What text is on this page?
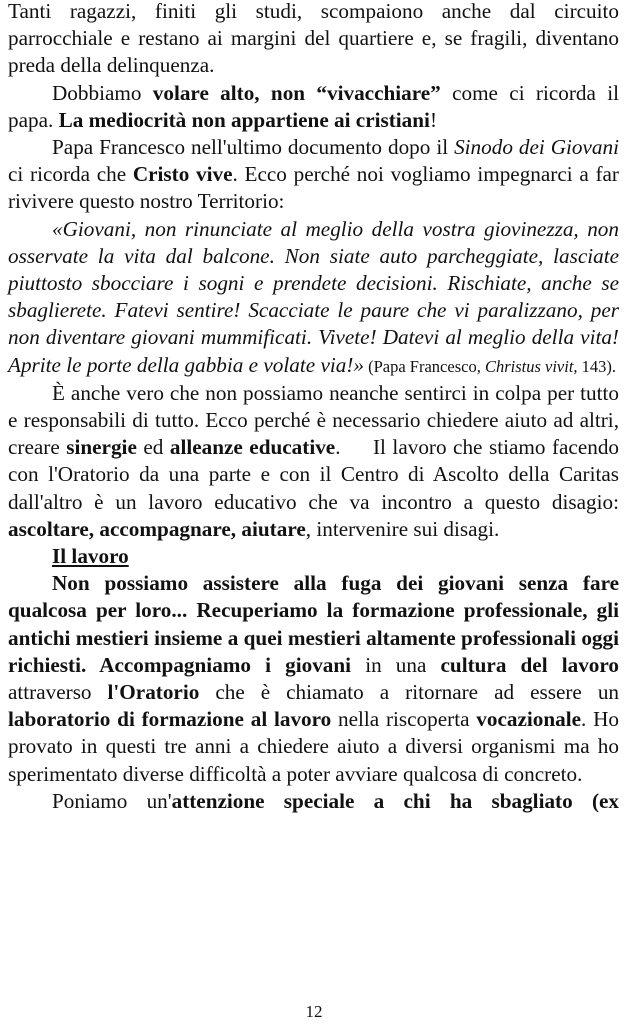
Tanti ragazzi, finiti gli studi, scompaiono anche dal circuito parrocchiale e restano ai margini del quartiere e, se fragili, diventano preda della delinquenza.

Dobbiamo volare alto, non “vivacchiare” come ci ricorda il papa. La mediocrità non appartiene ai cristiani!

Papa Francesco nell'ultimo documento dopo il Sinodo dei Giovani ci ricorda che Cristo vive. Ecco perché noi vogliamo impegnarci a far rivivere questo nostro Territorio:

«Giovani, non rinunciate al meglio della vostra giovinezza, non osservate la vita dal balcone. Non siate auto parcheggiate, lasciate piuttosto sbocciare i sogni e prendete decisioni. Rischiate, anche se sbaglierete. Fatevi sentire! Scacciate le paure che vi paralizzano, per non diventare giovani mummificati. Vivete! Datevi al meglio della vita! Aprite le porte della gabbia e volate via!» (Papa Francesco, Christus vivit, 143).

È anche vero che non possiamo neanche sentirci in colpa per tutto e responsabili di tutto. Ecco perché è necessario chiedere aiuto ad altri, creare sinergie ed alleanze educative.     Il lavoro che stiamo facendo con l'Oratorio da una parte e con il Centro di Ascolto della Caritas dall'altro è un lavoro educativo che va incontro a questo disagio: ascoltare, accompagnare, aiutare, intervenire sui disagi.

Il lavoro

Non possiamo assistere alla fuga dei giovani senza fare qualcosa per loro... Recuperiamo la formazione professionale, gli antichi mestieri insieme a quei mestieri altamente professionali oggi richiesti. Accompagniamo i giovani in una cultura del lavoro attraverso l'Oratorio che è chiamato a ritornare ad essere un laboratorio di formazione al lavoro nella riscoperta vocazionale. Ho provato in questi tre anni a chiedere aiuto a diversi organismi ma ho sperimentato diverse difficoltà a poter avviare qualcosa di concreto.

Poniamo un'attenzione speciale a chi ha sbagliato (ex

12
